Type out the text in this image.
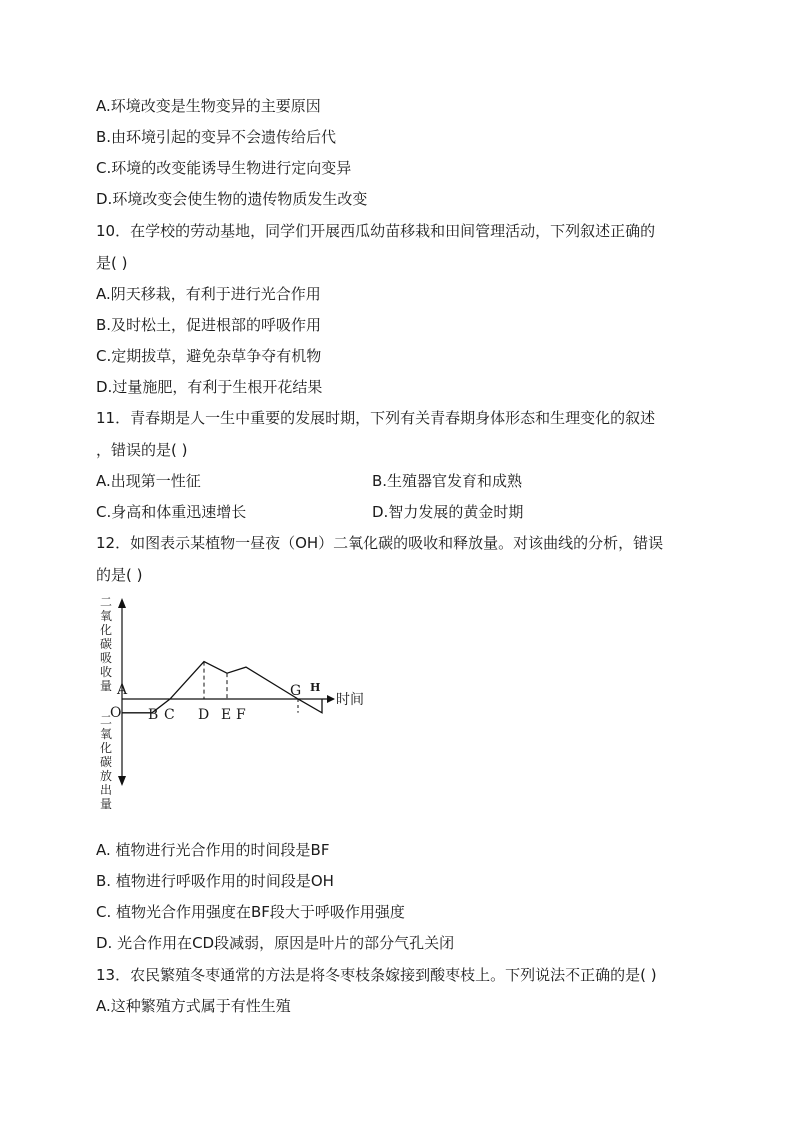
A.环境改变是生物变异的主要原因
B.由环境引起的变异不会遗传给后代
C.环境的改变能诱导生物进行定向变异
D.环境改变会使生物的遗传物质发生改变
10．在学校的劳动基地，同学们开展西瓜幼苗移栽和田间管理活动，下列叙述正确的
是( )
A.阴天移栽，有利于进行光合作用
B.及时松土，促进根部的呼吸作用
C.定期拔草，避免杂草争夺有机物
D.过量施肥，有利于生根开花结果
11．青春期是人一生中重要的发展时期，下列有关青春期身体形态和生理变化的叙述
，错误的是( )
A.出现第一性征	B.生殖器官发育和成熟
C.身高和体重迅速增长	D.智力发展的黄金时期
12．如图表示某植物一昼夜（OH）二氧化碳的吸收和释放量。对该曲线的分析，错误
的是( )
时间
O
二
氧
化
碳
吸
收
量
二
氧
化
碳
放
出
量
A
B C D E F
G H
A. 植物进行光合作用的时间段是BF
B. 植物进行呼吸作用的时间段是OH
C. 植物光合作用强度在BF段大于呼吸作用强度
D. 光合作用在CD段减弱，原因是叶片的部分气孔关闭
13．农民繁殖冬枣通常的方法是将冬枣枝条嫁接到酸枣枝上。下列说法不正确的是( )
A.这种繁殖方式属于有性生殖
